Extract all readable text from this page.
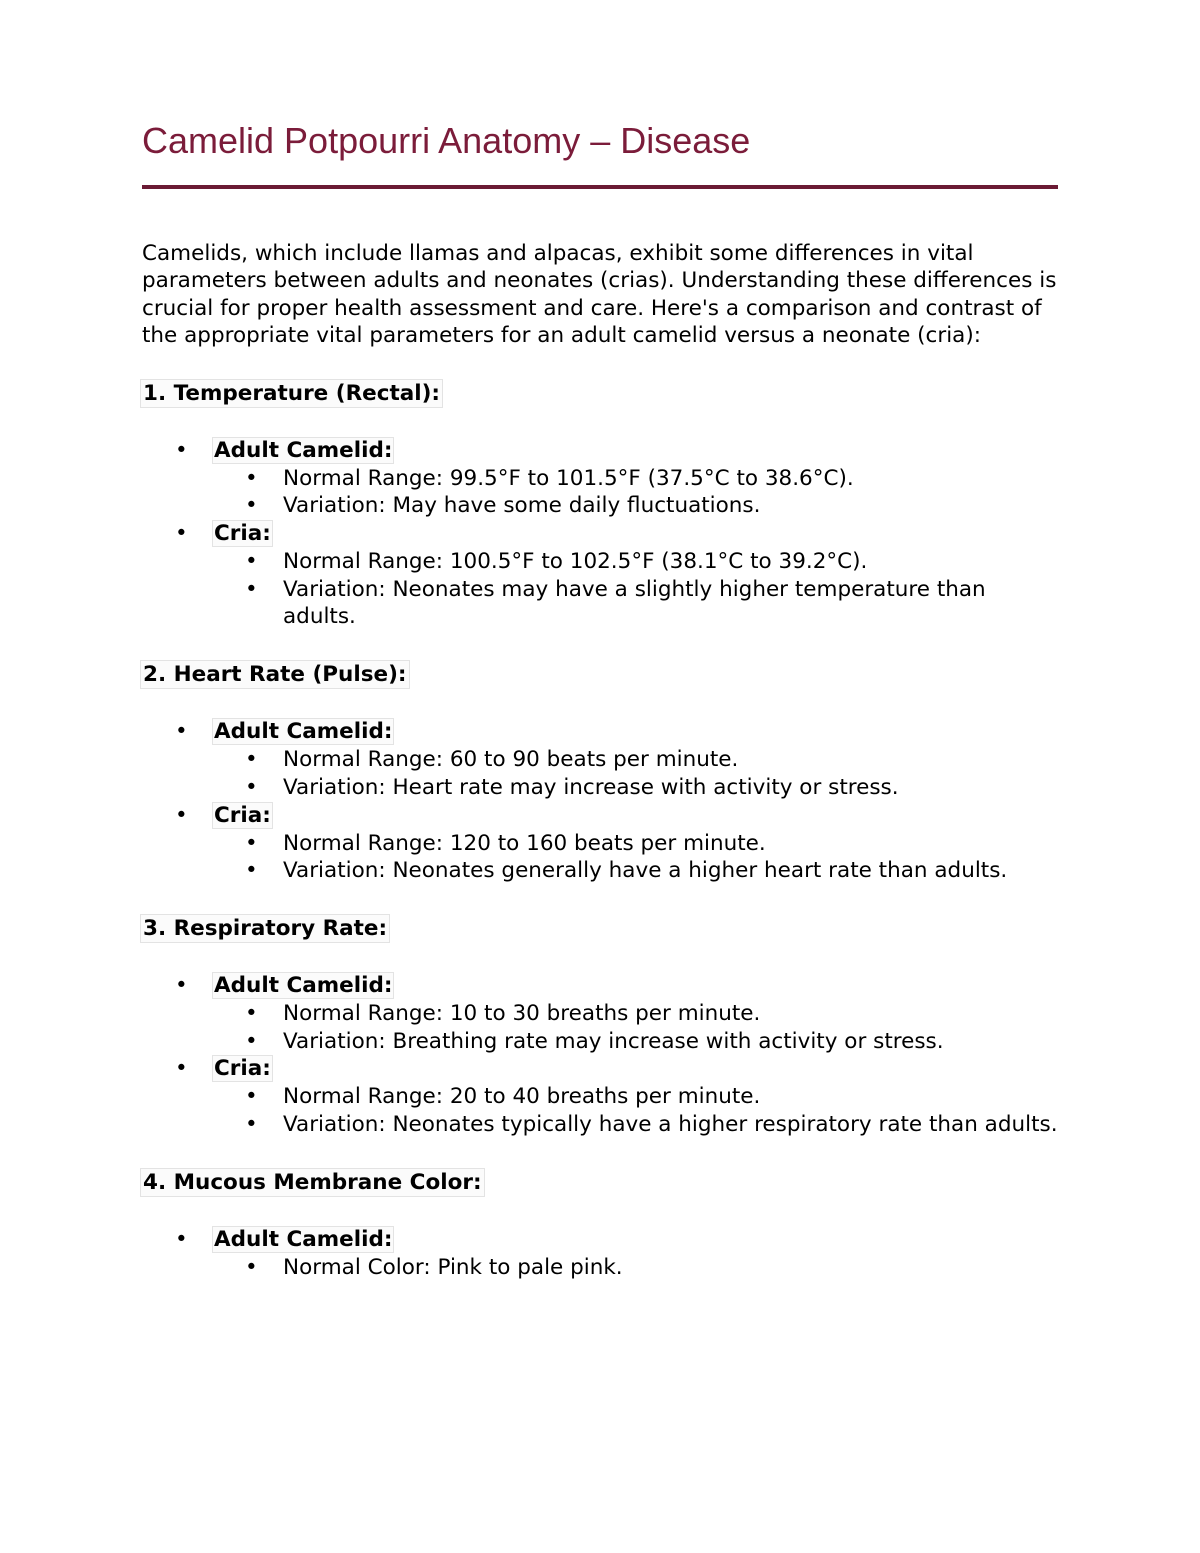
Camelid Potpourri Anatomy – Disease

Camelids, which include llamas and alpacas, exhibit some differences in vital parameters between adults and neonates (crias). Understanding these differences is crucial for proper health assessment and care. Here's a comparison and contrast of the appropriate vital parameters for an adult camelid versus a neonate (cria):

1. Temperature (Rectal):
• Adult Camelid:
• Normal Range: 99.5°F to 101.5°F (37.5°C to 38.6°C).
• Variation: May have some daily fluctuations.
• Cria:
• Normal Range: 100.5°F to 102.5°F (38.1°C to 39.2°C).
• Variation: Neonates may have a slightly higher temperature than adults.
2. Heart Rate (Pulse):
• Adult Camelid:
• Normal Range: 60 to 90 beats per minute.
• Variation: Heart rate may increase with activity or stress.
• Cria:
• Normal Range: 120 to 160 beats per minute.
• Variation: Neonates generally have a higher heart rate than adults.
3. Respiratory Rate:
• Adult Camelid:
• Normal Range: 10 to 30 breaths per minute.
• Variation: Breathing rate may increase with activity or stress.
• Cria:
• Normal Range: 20 to 40 breaths per minute.
• Variation: Neonates typically have a higher respiratory rate than adults.
4. Mucous Membrane Color:
• Adult Camelid:
• Normal Color: Pink to pale pink.
